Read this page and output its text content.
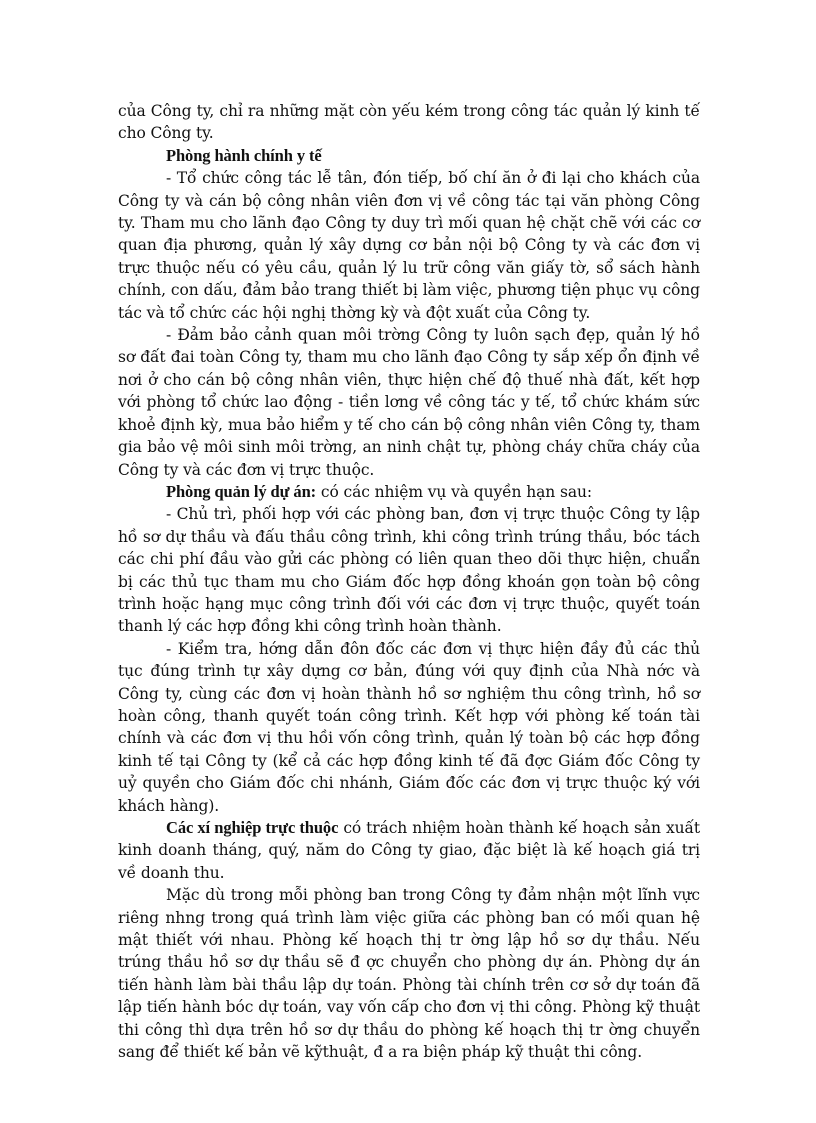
của Công ty, chỉ ra những mặt còn yếu kém trong công tác quản lý kinh tế cho Công ty.

Phòng hành chính y tế

- Tổ chức công tác lễ tân, đón tiếp, bố chí ăn ở đi lại cho khách của Công ty và cán bộ công nhân viên đơn vị về công tác tại văn phòng Công ty. Tham mu cho lãnh đạo Công ty duy trì mối quan hệ chặt chẽ với các cơ quan địa phương, quản lý xây dựng cơ bản nội bộ Công ty và các đơn vị trực thuộc nếu có yêu cầu, quản lý lu trữ công văn giấy tờ, sổ sách hành chính, con dấu, đảm bảo trang thiết bị làm việc, phương tiện phục vụ công tác và tổ chức các hội nghị thờng kỳ và đột xuất của Công ty.

- Đảm bảo cảnh quan môi trờng Công ty luôn sạch đẹp, quản lý hồ sơ đất đai toàn Công ty, tham mu cho lãnh đạo Công ty sắp xếp ổn định về nơi ở cho cán bộ công nhân viên, thực hiện chế độ thuế nhà đất, kết hợp với phòng tổ chức lao động - tiền lơng về công tác y tế, tổ chức khám sức khoẻ định kỳ, mua bảo hiểm y tế cho cán bộ công nhân viên Công ty, tham gia bảo vệ môi sinh môi trờng, an ninh chật tự, phòng cháy chữa cháy của Công ty và các đơn vị trực thuộc.

Phòng quản lý dự án: có các nhiệm vụ và quyền hạn sau:

- Chủ trì, phối hợp với các phòng ban, đơn vị trực thuộc Công ty lập hồ sơ dự thầu và đấu thầu công trình, khi công trình trúng thầu, bóc tách các chi phí đầu vào gửi các phòng có liên quan theo dõi thực hiện, chuẩn bị các thủ tục tham mu cho Giám đốc hợp đồng khoán gọn toàn bộ công trình hoặc hạng mục công trình đối với các đơn vị trực thuộc, quyết toán thanh lý các hợp đồng khi công trình hoàn thành.

- Kiểm tra, hớng dẫn đôn đốc các đơn vị thực hiện đầy đủ các thủ tục đúng trình tự xây dựng cơ bản, đúng với quy định của Nhà nớc và Công ty, cùng các đơn vị hoàn thành hồ sơ nghiệm thu công trình, hồ sơ hoàn công, thanh quyết toán công trình. Kết hợp với phòng kế toán tài chính và các đơn vị thu hồi vốn công trình, quản lý toàn bộ các hợp đồng kinh tế tại Công ty (kể cả các hợp đồng kinh tế đã đợc Giám đốc Công ty uỷ quyền cho Giám đốc chi nhánh, Giám đốc các đơn vị trực thuộc ký với khách hàng).

Các xí nghiệp trực thuộc có trách nhiệm hoàn thành kế hoạch sản xuất kinh doanh tháng, quý, năm do Công ty giao, đặc biệt là kế hoạch giá trị về doanh thu.

Mặc dù trong mỗi phòng ban trong Công ty đảm nhận một lĩnh vực riêng nhng trong quá trình làm việc giữa các phòng ban có mối quan hệ mật thiết với nhau. Phòng kế hoạch thị tr ờng lập hồ sơ dự thầu. Nếu trúng thầu hồ sơ dự thầu sẽ đ ợc chuyển cho phòng dự án. Phòng dự án tiến hành làm bài thầu lập dự toán. Phòng tài chính trên cơ sở dự toán đã lập tiến hành bóc dự toán, vay vốn cấp cho đơn vị thi công. Phòng kỹ thuật thi công thì dựa trên hồ sơ dự thầu do phòng kế hoạch thị tr ờng chuyển sang để thiết kế bản vẽ kỹthuật, đ a ra biện pháp kỹ thuật thi công.
